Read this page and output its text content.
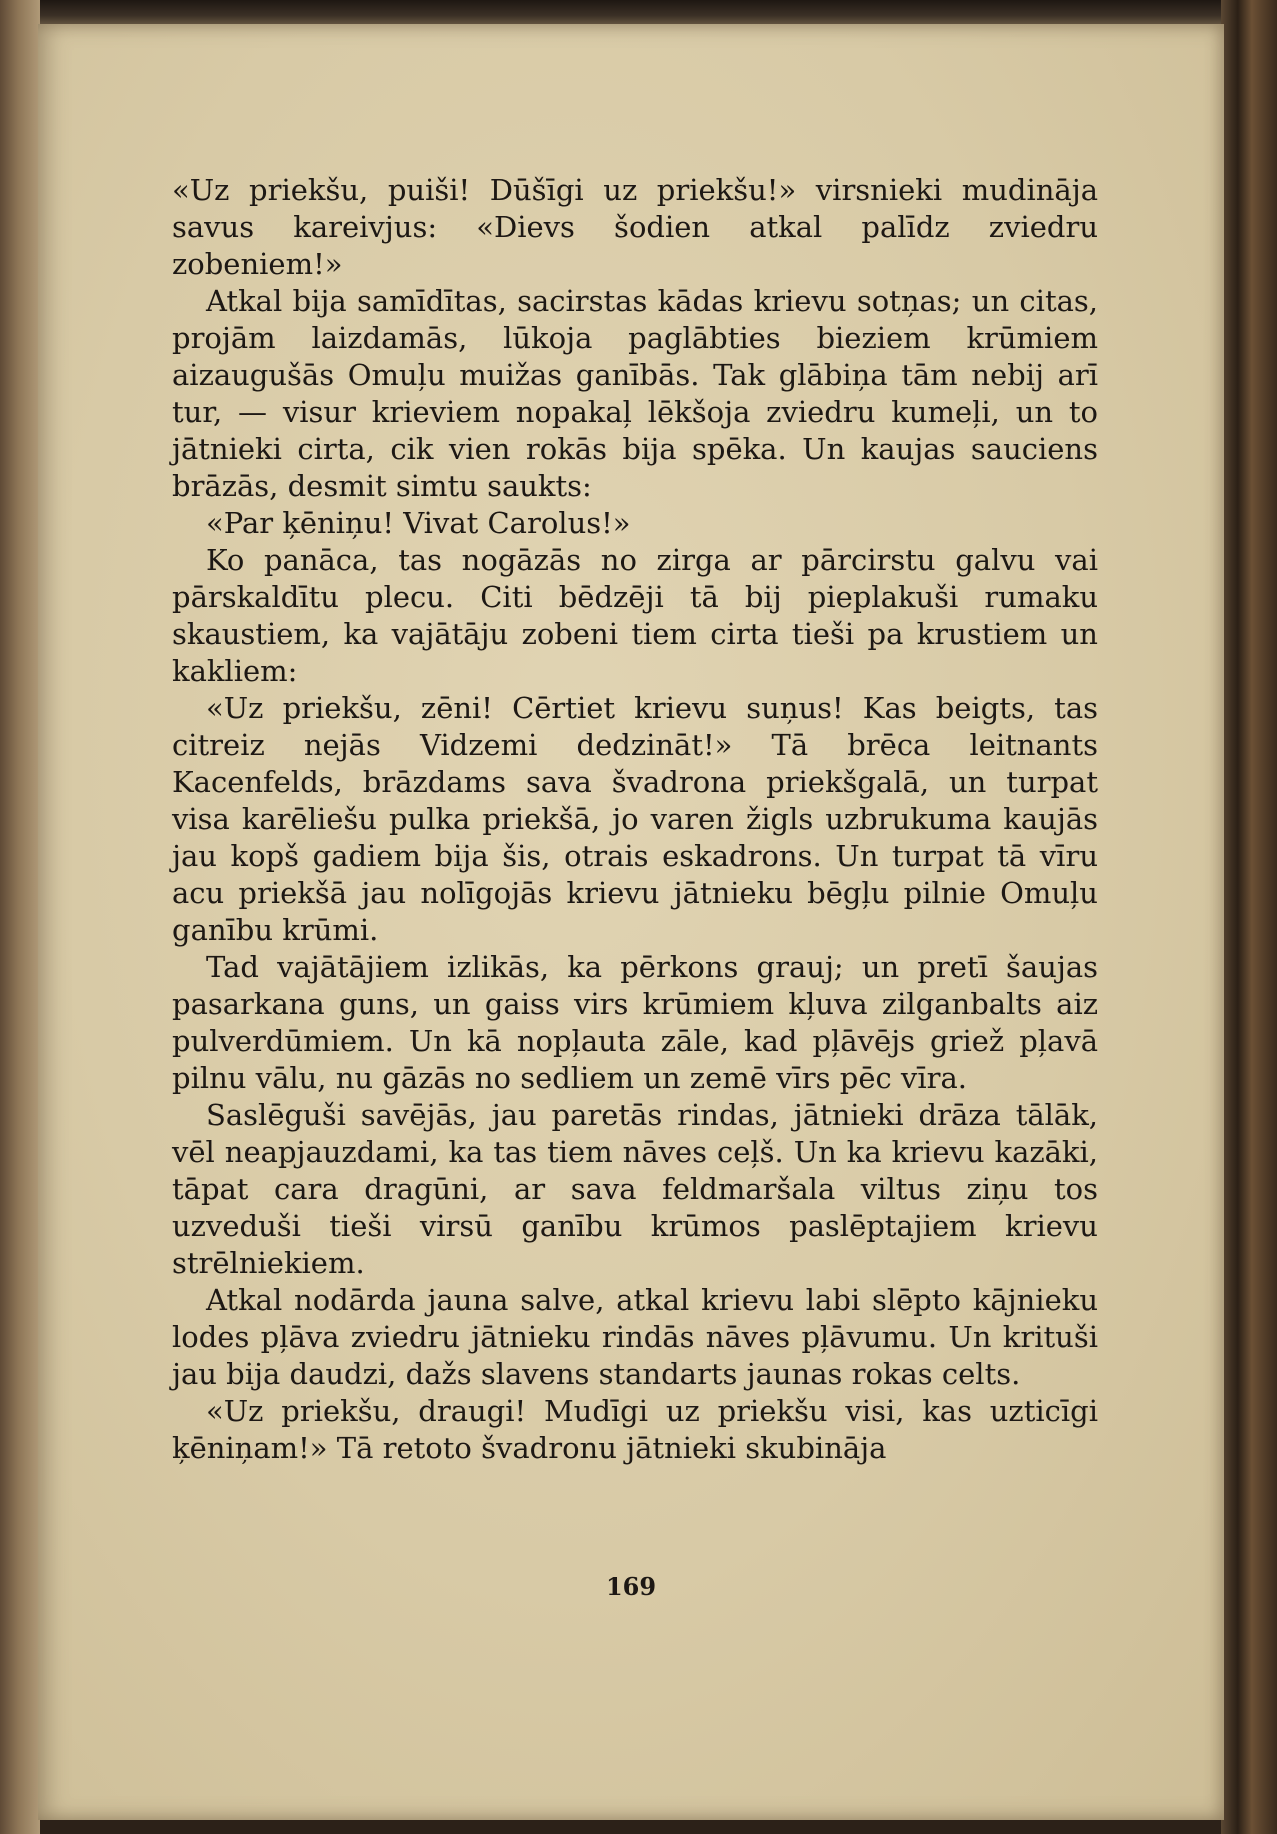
«Uz priekšu, puiši! Dūšīgi uz priekšu!» virsnieki mudināja savus kareivjus: «Dievs šodien atkal palīdz zviedru zobeniem!»

Atkal bija samīdītas, sacirstas kādas krievu sotņas; un citas, projām laizdamās, lūkoja paglābties bieziem krūmiem aizaugušās Omuļu muižas ganībās. Tak glābiņa tām nebij arī tur, — visur krieviem nopakaļ lēkšoja zviedru kumeļi, un to jātnieki cirta, cik vien rokās bija spēka. Un kaujas sauciens brāzās, desmit simtu saukts:

«Par ķēniņu! Vivat Carolus!»

Ko panāca, tas nogāzās no zirga ar pārcirstu galvu vai pārskaldītu plecu. Citi bēdzēji tā bij pieplakuši rumaku skaustiem, ka vajātāju zobeni tiem cirta tieši pa krustiem un kakliem:

«Uz priekšu, zēni! Cērtiet krievu suņus! Kas beigts, tas citreiz nejās Vidzemi dedzināt!» Tā brēca leitnants Kacenfelds, brāzdams sava švadrona priekšgalā, un turpat visa karēliešu pulka priekšā, jo varen žigls uzbrukuma kaujās jau kopš gadiem bija šis, otrais eskadrons. Un turpat tā vīru acu priekšā jau nolīgojās krievu jātnieku bēgļu pilnie Omuļu ganību krūmi.

Tad vajātājiem izlikās, ka pērkons grauj; un pretī šaujas pasarkana guns, un gaiss virs krūmiem kļuva zilganbalts aiz pulverdūmiem. Un kā nopļauta zāle, kad pļāvējs griež pļavā pilnu vālu, nu gāzās no sedliem un zemē vīrs pēc vīra.

Saslēguši savējās, jau paretās rindas, jātnieki drāza tālāk, vēl neapjauzdami, ka tas tiem nāves ceļš. Un ka krievu kazāki, tāpat cara dragūni, ar sava feldmaršala viltus ziņu tos uzveduši tieši virsū ganību krūmos paslēptajiem krievu strēlniekiem.

Atkal nodārda jauna salve, atkal krievu labi slēpto kājnieku lodes pļāva zviedru jātnieku rindās nāves pļāvumu. Un krituši jau bija daudzi, dažs slavens standarts jaunas rokas celts.

«Uz priekšu, draugi! Mudīgi uz priekšu visi, kas uzticīgi ķēniņam!» Tā retoto švadronu jātnieki skubināja

169
